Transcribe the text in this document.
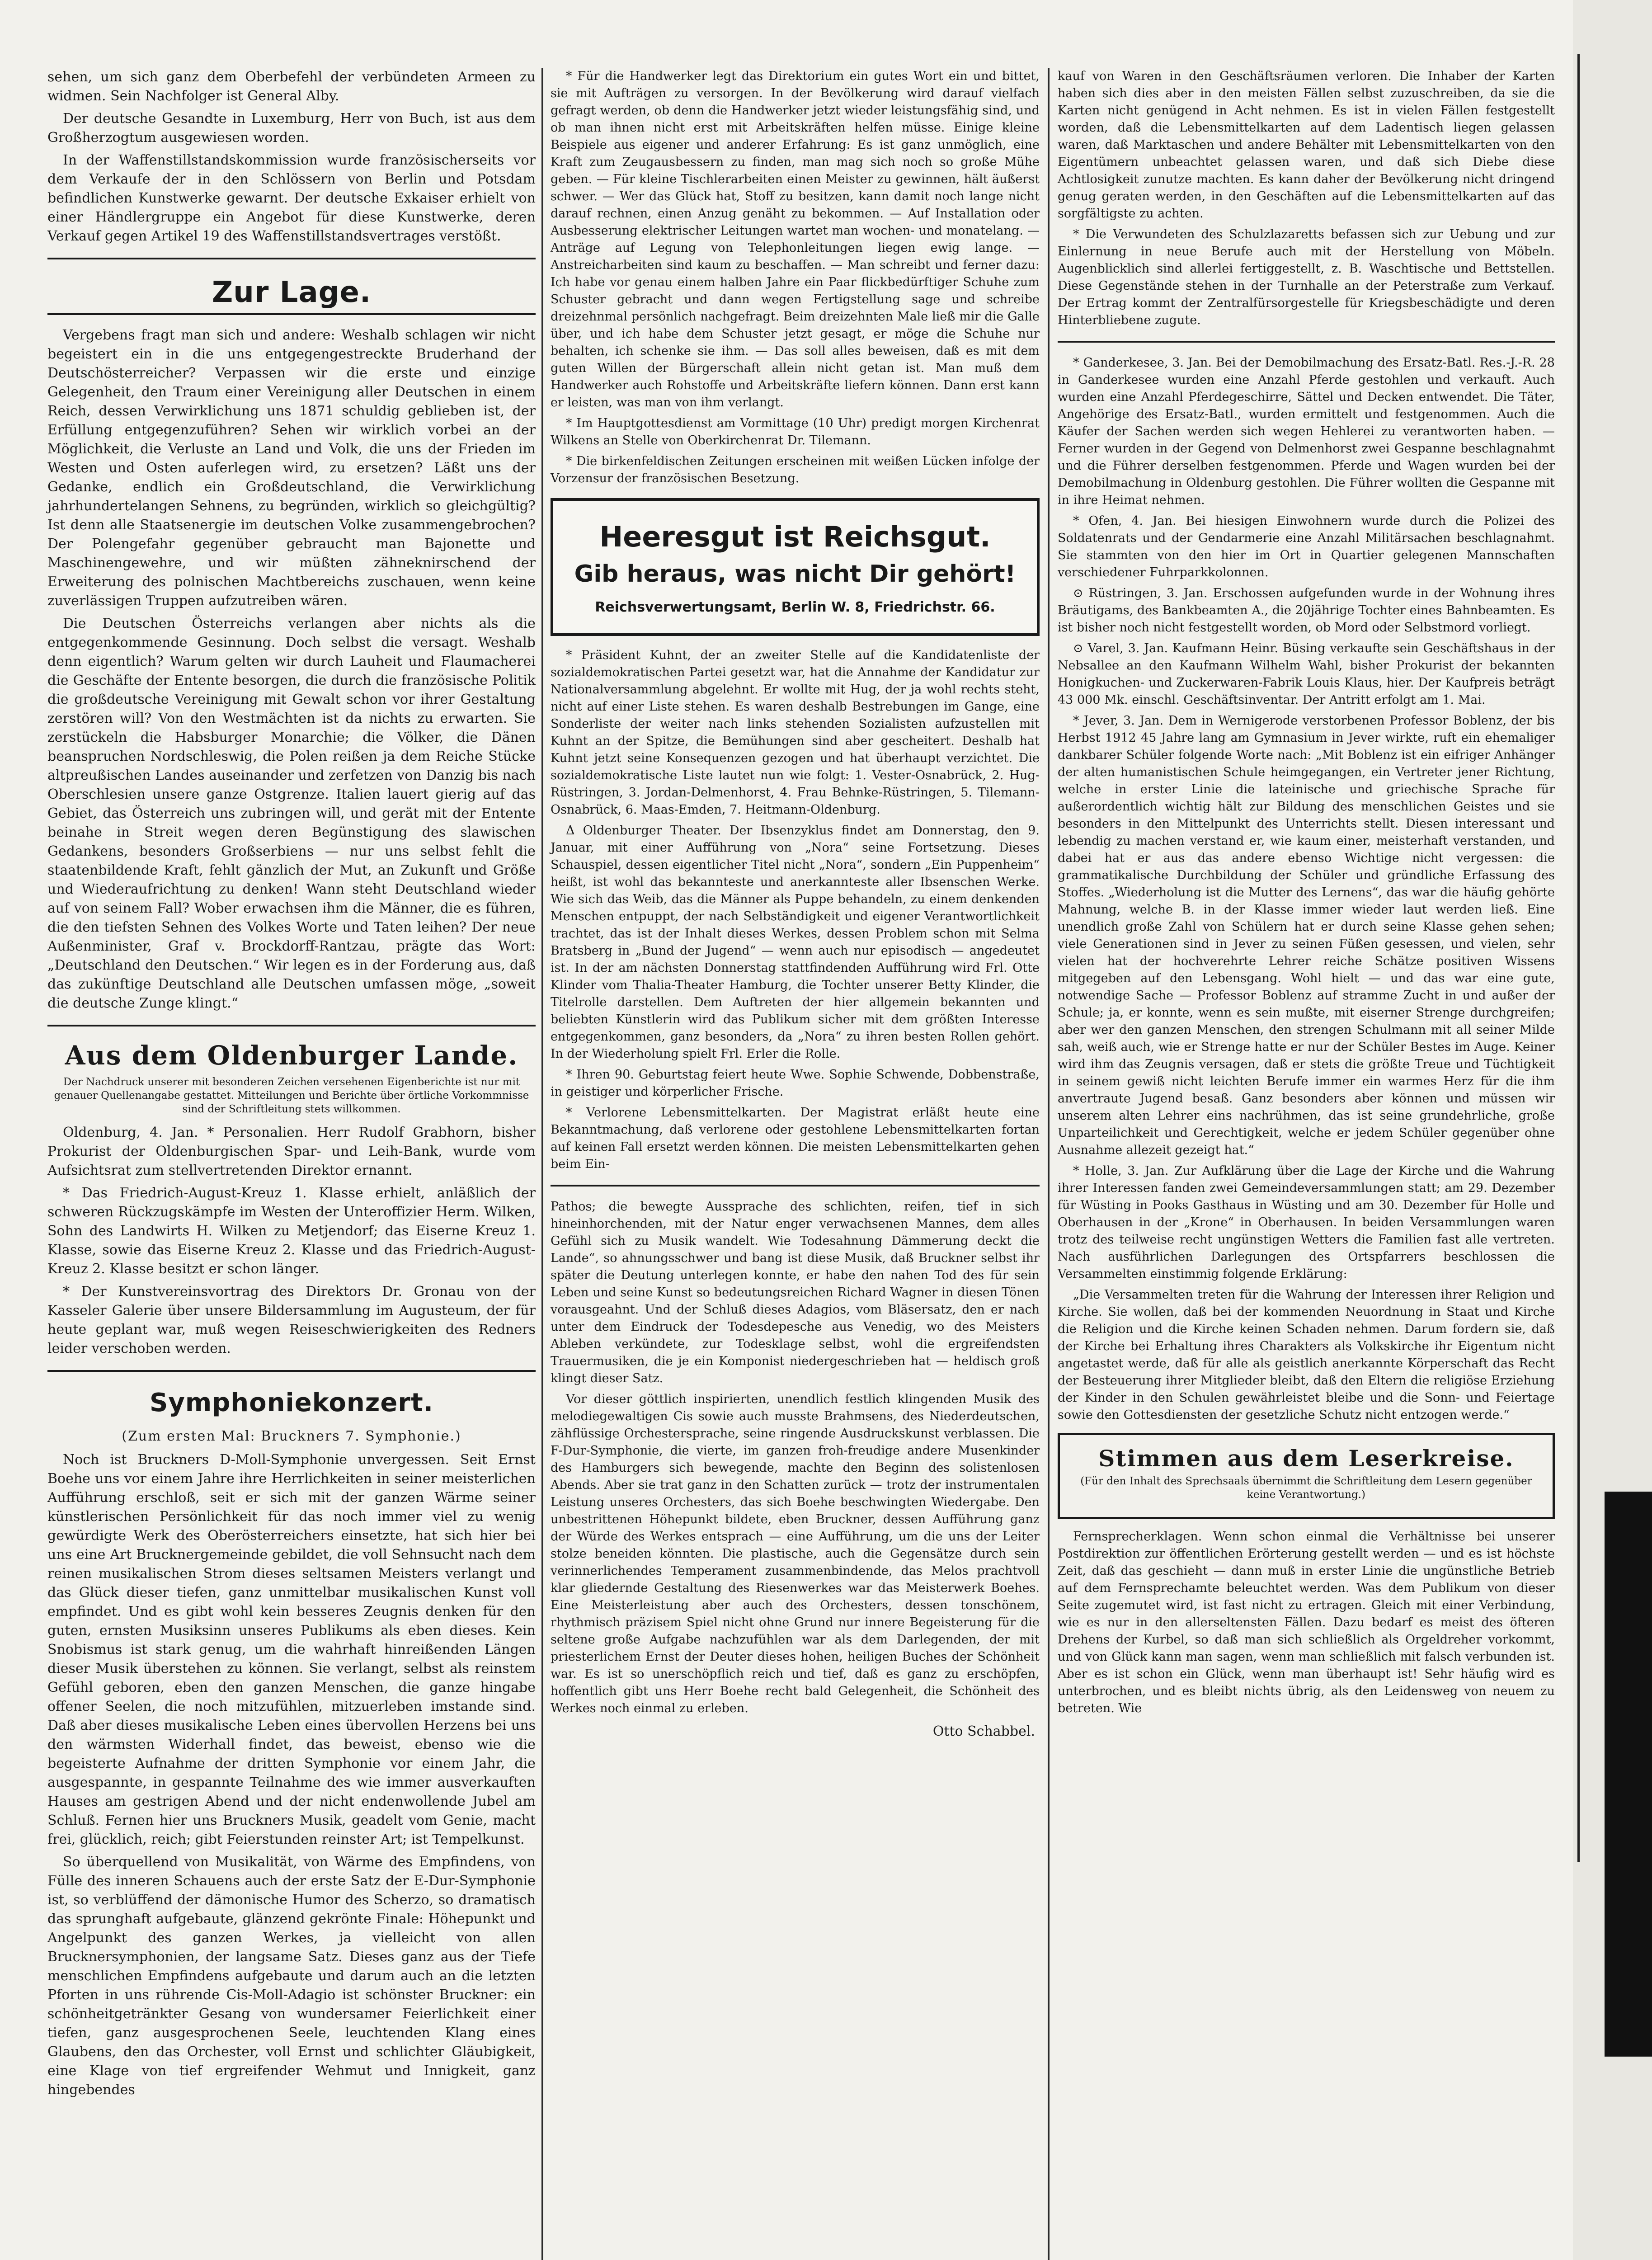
sehen, um sich ganz dem Oberbefehl der verbündeten Armeen zu widmen. Sein Nachfolger ist General Alby.

Der deutsche Gesandte in Luxemburg, Herr von Buch, ist aus dem Großherzogtum ausgewiesen worden.

In der Waffenstillstandskommission wurde französischerseits vor dem Verkaufe der in den Schlössern von Berlin und Potsdam befindlichen Kunstwerke gewarnt. Der deutsche Exkaiser erhielt von einer Händlergruppe ein Angebot für diese Kunstwerke, deren Verkauf gegen Artikel 19 des Waffenstillstandsvertrages verstößt.

Zur Lage.

Vergebens fragt man sich und andere: Weshalb schlagen wir nicht begeistert ein in die uns entgegengestreckte Bruderhand der Deutschösterreicher? Verpassen wir die erste und einzige Gelegenheit, den Traum einer Vereinigung aller Deutschen in einem Reich, dessen Verwirklichung uns 1871 schuldig geblieben ist, der Erfüllung entgegenzuführen? Sehen wir wirklich vorbei an der Möglichkeit, die Verluste an Land und Volk, die uns der Frieden im Westen und Osten auferlegen wird, zu ersetzen? Läßt uns der Gedanke, endlich ein Großdeutschland, die Verwirklichung jahrhundertelangen Sehnens, zu begründen, wirklich so gleichgültig? Ist denn alle Staatsenergie im deutschen Volke zusammengebrochen? Der Polengefahr gegenüber gebraucht man Bajonette und Maschinengewehre, und wir müßten zähneknirschend der Erweiterung des polnischen Machtbereichs zuschauen, wenn keine zuverlässigen Truppen aufzutreiben wären.

Die Deutschen Österreichs verlangen aber nichts als die entgegenkommende Gesinnung. Doch selbst die versagt. Weshalb denn eigentlich? Warum gelten wir durch Lauheit und Flaumacherei die Geschäfte der Entente besorgen, die durch die französische Politik die großdeutsche Vereinigung mit Gewalt schon vor ihrer Gestaltung zerstören will? Von den Westmächten ist da nichts zu erwarten. Sie zerstückeln die Habsburger Monarchie; die Völker, die Dänen beanspruchen Nordschleswig, die Polen reißen ja dem Reiche Stücke altpreußischen Landes auseinander und zerfetzen von Danzig bis nach Oberschlesien unsere ganze Ostgrenze. Italien lauert gierig auf das Gebiet, das Österreich uns zubringen will, und gerät mit der Entente beinahe in Streit wegen deren Begünstigung des slawischen Gedankens, besonders Großserbiens — nur uns selbst fehlt die staatenbildende Kraft, fehlt gänzlich der Mut, an Zukunft und Größe und Wiederaufrichtung zu denken! Wann steht Deutschland wieder auf von seinem Fall? Wober erwachsen ihm die Männer, die es führen, die den tiefsten Sehnen des Volkes Worte und Taten leihen? Der neue Außenminister, Graf v. Brockdorff-Rantzau, prägte das Wort: „Deutschland den Deutschen.“ Wir legen es in der Forderung aus, daß das zukünftige Deutschland alle Deutschen umfassen möge, „soweit die deutsche Zunge klingt.“

Aus dem Oldenburger Lande.

Der Nachdruck unserer mit besonderen Zeichen versehenen Eigenberichte ist nur mit genauer Quellenangabe gestattet. Mitteilungen und Berichte über örtliche Vorkommnisse sind der Schriftleitung stets willkommen.

Oldenburg, 4. Jan. * Personalien. Herr Rudolf Grabhorn, bisher Prokurist der Oldenburgischen Spar- und Leih-Bank, wurde vom Aufsichtsrat zum stellvertretenden Direktor ernannt.

* Das Friedrich-August-Kreuz 1. Klasse erhielt, anläßlich der schweren Rückzugskämpfe im Westen der Unteroffizier Herm. Wilken, Sohn des Landwirts H. Wilken zu Metjendorf; das Eiserne Kreuz 1. Klasse, sowie das Eiserne Kreuz 2. Klasse und das Friedrich-August-Kreuz 2. Klasse besitzt er schon länger.

* Der Kunstvereinsvortrag des Direktors Dr. Gronau von der Kasseler Galerie über unsere Bildersammlung im Augusteum, der für heute geplant war, muß wegen Reiseschwierigkeiten des Redners leider verschoben werden.

Symphoniekonzert.
(Zum ersten Mal: Bruckners 7. Symphonie.)

Noch ist Bruckners D-Moll-Symphonie unvergessen. Seit Ernst Boehe uns vor einem Jahre ihre Herrlichkeiten in seiner meisterlichen Aufführung erschloß, seit er sich mit der ganzen Wärme seiner künstlerischen Persönlichkeit für das noch immer viel zu wenig gewürdigte Werk des Oberösterreichers einsetzte, hat sich hier bei uns eine Art Brucknergemeinde gebildet, die voll Sehnsucht nach dem reinen musikalischen Strom dieses seltsamen Meisters verlangt und das Glück dieser tiefen, ganz unmittelbar musikalischen Kunst voll empfindet. Und es gibt wohl kein besseres Zeugnis denken für den guten, ernsten Musiksinn unseres Publikums als eben dieses. Kein Snobismus ist stark genug, um die wahrhaft hinreißenden Längen dieser Musik überstehen zu können. Sie verlangt, selbst als reinstem Gefühl geboren, eben den ganzen Menschen, die ganze hingabe offener Seelen, die noch mitzufühlen, mitzuerleben imstande sind. Daß aber dieses musikalische Leben eines übervollen Herzens bei uns den wärmsten Widerhall findet, das beweist, ebenso wie die begeisterte Aufnahme der dritten Symphonie vor einem Jahr, die ausgespannte, in gespannte Teilnahme des wie immer ausverkauften Hauses am gestrigen Abend und der nicht endenwollende Jubel am Schluß. Fernen hier uns Bruckners Musik, geadelt vom Genie, macht frei, glücklich, reich; gibt Feierstunden reinster Art; ist Tempelkunst.

So überquellend von Musikalität, von Wärme des Empfindens, von Fülle des inneren Schauens auch der erste Satz der E-Dur-Symphonie ist, so verblüffend der dämonische Humor des Scherzo, so dramatisch das sprunghaft aufgebaute, glänzend gekrönte Finale: Höhepunkt und Angelpunkt des ganzen Werkes, ja vielleicht von allen Brucknersymphonien, der langsame Satz. Dieses ganz aus der Tiefe menschlichen Empfindens aufgebaute und darum auch an die letzten Pforten in uns rührende Cis-Moll-Adagio ist schönster Bruckner: ein schönheitgetränkter Gesang von wundersamer Feierlichkeit einer tiefen, ganz ausgesprochenen Seele, leuchtenden Klang eines Glaubens, den das Orchester, voll Ernst und schlichter Gläubigkeit, eine Klage von tief ergreifender Wehmut und Innigkeit, ganz hingebendes

* Für die Handwerker legt das Direktorium ein gutes Wort ein und bittet, sie mit Aufträgen zu versorgen. In der Bevölkerung wird darauf vielfach gefragt werden, ob denn die Handwerker jetzt wieder leistungsfähig sind, und ob man ihnen nicht erst mit Arbeitskräften helfen müsse. Einige kleine Beispiele aus eigener und anderer Erfahrung: Es ist ganz unmöglich, eine Kraft zum Zeugausbessern zu finden, man mag sich noch so große Mühe geben. — Für kleine Tischlerarbeiten einen Meister zu gewinnen, hält äußerst schwer. — Wer das Glück hat, Stoff zu besitzen, kann damit noch lange nicht darauf rechnen, einen Anzug genäht zu bekommen. — Auf Installation oder Ausbesserung elektrischer Leitungen wartet man wochen- und monatelang. — Anträge auf Legung von Telephonleitungen liegen ewig lange. — Anstreicharbeiten sind kaum zu beschaffen. — Man schreibt und ferner dazu: Ich habe vor genau einem halben Jahre ein Paar flickbedürftiger Schuhe zum Schuster gebracht und dann wegen Fertigstellung sage und schreibe dreizehnmal persönlich nachgefragt. Beim dreizehnten Male ließ mir die Galle über, und ich habe dem Schuster jetzt gesagt, er möge die Schuhe nur behalten, ich schenke sie ihm. — Das soll alles beweisen, daß es mit dem guten Willen der Bürgerschaft allein nicht getan ist. Man muß dem Handwerker auch Rohstoffe und Arbeitskräfte liefern können. Dann erst kann er leisten, was man von ihm verlangt.

* Im Hauptgottesdienst am Vormittage (10 Uhr) predigt morgen Kirchenrat Wilkens an Stelle von Oberkirchenrat Dr. Tilemann.

* Die birkenfeldischen Zeitungen erscheinen mit weißen Lücken infolge der Vorzensur der französischen Besetzung.

Heeresgut ist Reichsgut.
Gib heraus, was nicht Dir gehört!
Reichsverwertungsamt, Berlin W. 8, Friedrichstr. 66.

* Präsident Kuhnt, der an zweiter Stelle auf die Kandidatenliste der sozialdemokratischen Partei gesetzt war, hat die Annahme der Kandidatur zur Nationalversammlung abgelehnt. Er wollte mit Hug, der ja wohl rechts steht, nicht auf einer Liste stehen. Es waren deshalb Bestrebungen im Gange, eine Sonderliste der weiter nach links stehenden Sozialisten aufzustellen mit Kuhnt an der Spitze, die Bemühungen sind aber gescheitert. Deshalb hat Kuhnt jetzt seine Konsequenzen gezogen und hat überhaupt verzichtet. Die sozialdemokratische Liste lautet nun wie folgt: 1. Vester-Osnabrück, 2. Hug-Rüstringen, 3. Jordan-Delmenhorst, 4. Frau Behnke-Rüstringen, 5. Tilemann-Osnabrück, 6. Maas-Emden, 7. Heitmann-Oldenburg.

Δ Oldenburger Theater. Der Ibsenzyklus findet am Donnerstag, den 9. Januar, mit einer Aufführung von „Nora“ seine Fortsetzung. Dieses Schauspiel, dessen eigentlicher Titel nicht „Nora“, sondern „Ein Puppenheim“ heißt, ist wohl das bekannteste und anerkannteste aller Ibsenschen Werke. Wie sich das Weib, das die Männer als Puppe behandeln, zu einem denkenden Menschen entpuppt, der nach Selbständigkeit und eigener Verantwortlichkeit trachtet, das ist der Inhalt dieses Werkes, dessen Problem schon mit Selma Bratsberg in „Bund der Jugend“ — wenn auch nur episodisch — angedeutet ist. In der am nächsten Donnerstag stattfindenden Aufführung wird Frl. Otte Klinder vom Thalia-Theater Hamburg, die Tochter unserer Betty Klinder, die Titelrolle darstellen. Dem Auftreten der hier allgemein bekannten und beliebten Künstlerin wird das Publikum sicher mit dem größten Interesse entgegenkommen, ganz besonders, da „Nora“ zu ihren besten Rollen gehört. In der Wiederholung spielt Frl. Erler die Rolle.

* Ihren 90. Geburtstag feiert heute Wwe. Sophie Schwende, Dobbenstraße, in geistiger und körperlicher Frische.

* Verlorene Lebensmittelkarten. Der Magistrat erläßt heute eine Bekanntmachung, daß verlorene oder gestohlene Lebensmittelkarten fortan auf keinen Fall ersetzt werden können. Die meisten Lebensmittelkarten gehen beim Ein-

Pathos; die bewegte Aussprache des schlichten, reifen, tief in sich hineinhorchenden, mit der Natur enger verwachsenen Mannes, dem alles Gefühl sich zu Musik wandelt. Wie Todesahnung Dämmerung deckt die Lande“, so ahnungsschwer und bang ist diese Musik, daß Bruckner selbst ihr später die Deutung unterlegen konnte, er habe den nahen Tod des für sein Leben und seine Kunst so bedeutungsreichen Richard Wagner in diesen Tönen vorausgeahnt. Und der Schluß dieses Adagios, vom Bläsersatz, den er nach unter dem Eindruck der Todesdepesche aus Venedig, wo des Meisters Ableben verkündete, zur Todesklage selbst, wohl die ergreifendsten Trauermusiken, die je ein Komponist niedergeschrieben hat — heldisch groß klingt dieser Satz.

Vor dieser göttlich inspirierten, unendlich festlich klingenden Musik des melodiegewaltigen Cis sowie auch musste Brahmsens, des Niederdeutschen, zähflüssige Orchestersprache, seine ringende Ausdruckskunst verblassen. Die F-Dur-Symphonie, die vierte, im ganzen froh-freudige andere Musenkinder des Hamburgers sich bewegende, machte den Beginn des solistenlosen Abends. Aber sie trat ganz in den Schatten zurück — trotz der instrumentalen Leistung unseres Orchesters, das sich Boehe beschwingten Wiedergabe. Den unbestrittenen Höhepunkt bildete, eben Bruckner, dessen Aufführung ganz der Würde des Werkes entsprach — eine Aufführung, um die uns der Leiter stolze beneiden könnten. Die plastische, auch die Gegensätze durch sein verinnerlichendes Temperament zusammenbindende, das Melos prachtvoll klar gliedernde Gestaltung des Riesenwerkes war das Meisterwerk Boehes. Eine Meisterleistung aber auch des Orchesters, dessen tonschönem, rhythmisch präzisem Spiel nicht ohne Grund nur innere Begeisterung für die seltene große Aufgabe nachzufühlen war als dem Darlegenden, der mit priesterlichem Ernst der Deuter dieses hohen, heiligen Buches der Schönheit war. Es ist so unerschöpflich reich und tief, daß es ganz zu erschöpfen, hoffentlich gibt uns Herr Boehe recht bald Gelegenheit, die Schönheit des Werkes noch einmal zu erleben.

Otto Schabbel.

kauf von Waren in den Geschäftsräumen verloren. Die Inhaber der Karten haben sich dies aber in den meisten Fällen selbst zuzuschreiben, da sie die Karten nicht genügend in Acht nehmen. Es ist in vielen Fällen festgestellt worden, daß die Lebensmittelkarten auf dem Ladentisch liegen gelassen waren, daß Marktaschen und andere Behälter mit Lebensmittelkarten von den Eigentümern unbeachtet gelassen waren, und daß sich Diebe diese Achtlosigkeit zunutze machten. Es kann daher der Bevölkerung nicht dringend genug geraten werden, in den Geschäften auf die Lebensmittelkarten auf das sorgfältigste zu achten.

* Die Verwundeten des Schulzlazaretts befassen sich zur Uebung und zur Einlernung in neue Berufe auch mit der Herstellung von Möbeln. Augenblicklich sind allerlei fertiggestellt, z. B. Waschtische und Bettstellen. Diese Gegenstände stehen in der Turnhalle an der Peterstraße zum Verkauf. Der Ertrag kommt der Zentralfürsorgestelle für Kriegsbeschädigte und deren Hinterbliebene zugute.

* Ganderkesee, 3. Jan. Bei der Demobilmachung des Ersatz-Batl. Res.-J.-R. 28 in Ganderkesee wurden eine Anzahl Pferde gestohlen und verkauft. Auch wurden eine Anzahl Pferdegeschirre, Sättel und Decken entwendet. Die Täter, Angehörige des Ersatz-Batl., wurden ermittelt und festgenommen. Auch die Käufer der Sachen werden sich wegen Hehlerei zu verantworten haben. — Ferner wurden in der Gegend von Delmenhorst zwei Gespanne beschlagnahmt und die Führer derselben festgenommen. Pferde und Wagen wurden bei der Demobilmachung in Oldenburg gestohlen. Die Führer wollten die Gespanne mit in ihre Heimat nehmen.

* Ofen, 4. Jan. Bei hiesigen Einwohnern wurde durch die Polizei des Soldatenrats und der Gendarmerie eine Anzahl Militärsachen beschlagnahmt. Sie stammten von den hier im Ort in Quartier gelegenen Mannschaften verschiedener Fuhrparkkolonnen.

⊙ Rüstringen, 3. Jan. Erschossen aufgefunden wurde in der Wohnung ihres Bräutigams, des Bankbeamten A., die 20jährige Tochter eines Bahnbeamten. Es ist bisher noch nicht festgestellt worden, ob Mord oder Selbstmord vorliegt.

⊙ Varel, 3. Jan. Kaufmann Heinr. Büsing verkaufte sein Geschäftshaus in der Nebsallee an den Kaufmann Wilhelm Wahl, bisher Prokurist der bekannten Honigkuchen- und Zuckerwaren-Fabrik Louis Klaus, hier. Der Kaufpreis beträgt 43 000 Mk. einschl. Geschäftsinventar. Der Antritt erfolgt am 1. Mai.

* Jever, 3. Jan. Dem in Wernigerode verstorbenen Professor Boblenz, der bis Herbst 1912 45 Jahre lang am Gymnasium in Jever wirkte, ruft ein ehemaliger dankbarer Schüler folgende Worte nach: „Mit Boblenz ist ein eifriger Anhänger der alten humanistischen Schule heimgegangen, ein Vertreter jener Richtung, welche in erster Linie die lateinische und griechische Sprache für außerordentlich wichtig hält zur Bildung des menschlichen Geistes und sie besonders in den Mittelpunkt des Unterrichts stellt. Diesen interessant und lebendig zu machen verstand er, wie kaum einer, meisterhaft verstanden, und dabei hat er aus das andere ebenso Wichtige nicht vergessen: die grammatikalische Durchbildung der Schüler und gründliche Erfassung des Stoffes. „Wiederholung ist die Mutter des Lernens“, das war die häufig gehörte Mahnung, welche B. in der Klasse immer wieder laut werden ließ. Eine unendlich große Zahl von Schülern hat er durch seine Klasse gehen sehen; viele Generationen sind in Jever zu seinen Füßen gesessen, und vielen, sehr vielen hat der hochverehrte Lehrer reiche Schätze positiven Wissens mitgegeben auf den Lebensgang. Wohl hielt — und das war eine gute, notwendige Sache — Professor Boblenz auf stramme Zucht in und außer der Schule; ja, er konnte, wenn es sein mußte, mit eiserner Strenge durchgreifen; aber wer den ganzen Menschen, den strengen Schulmann mit all seiner Milde sah, weiß auch, wie er Strenge hatte er nur der Schüler Bestes im Auge. Keiner wird ihm das Zeugnis versagen, daß er stets die größte Treue und Tüchtigkeit in seinem gewiß nicht leichten Berufe immer ein warmes Herz für die ihm anvertraute Jugend besaß. Ganz besonders aber können und müssen wir unserem alten Lehrer eins nachrühmen, das ist seine grundehrliche, große Unparteilichkeit und Gerechtigkeit, welche er jedem Schüler gegenüber ohne Ausnahme allezeit gezeigt hat.“

* Holle, 3. Jan. Zur Aufklärung über die Lage der Kirche und die Wahrung ihrer Interessen fanden zwei Gemeindeversammlungen statt; am 29. Dezember für Wüsting in Pooks Gasthaus in Wüsting und am 30. Dezember für Holle und Oberhausen in der „Krone“ in Oberhausen. In beiden Versammlungen waren trotz des teilweise recht ungünstigen Wetters die Familien fast alle vertreten. Nach ausführlichen Darlegungen des Ortspfarrers beschlossen die Versammelten einstimmig folgende Erklärung:

„Die Versammelten treten für die Wahrung der Interessen ihrer Religion und Kirche. Sie wollen, daß bei der kommenden Neuordnung in Staat und Kirche die Religion und die Kirche keinen Schaden nehmen. Darum fordern sie, daß der Kirche bei Erhaltung ihres Charakters als Volkskirche ihr Eigentum nicht angetastet werde, daß für alle als geistlich anerkannte Körperschaft das Recht der Besteuerung ihrer Mitglieder bleibt, daß den Eltern die religiöse Erziehung der Kinder in den Schulen gewährleistet bleibe und die Sonn- und Feiertage sowie den Gottesdiensten der gesetzliche Schutz nicht entzogen werde.“

Stimmen aus dem Leserkreise.

(Für den Inhalt des Sprechsaals übernimmt die Schriftleitung dem Lesern gegenüber keine Verantwortung.)

Fernsprecherklagen. Wenn schon einmal die Verhältnisse bei unserer Postdirektion zur öffentlichen Erörterung gestellt werden — und es ist höchste Zeit, daß das geschieht — dann muß in erster Linie die ungünstliche Betrieb auf dem Fernsprechamte beleuchtet werden. Was dem Publikum von dieser Seite zugemutet wird, ist fast nicht zu ertragen. Gleich mit einer Verbindung, wie es nur in den allerseltensten Fällen. Dazu bedarf es meist des öfteren Drehens der Kurbel, so daß man sich schließlich als Orgeldreher vorkommt, und von Glück kann man sagen, wenn man schließlich mit falsch verbunden ist. Aber es ist schon ein Glück, wenn man überhaupt ist! Sehr häufig wird es unterbrochen, und es bleibt nichts übrig, als den Leidensweg von neuem zu betreten. Wie
